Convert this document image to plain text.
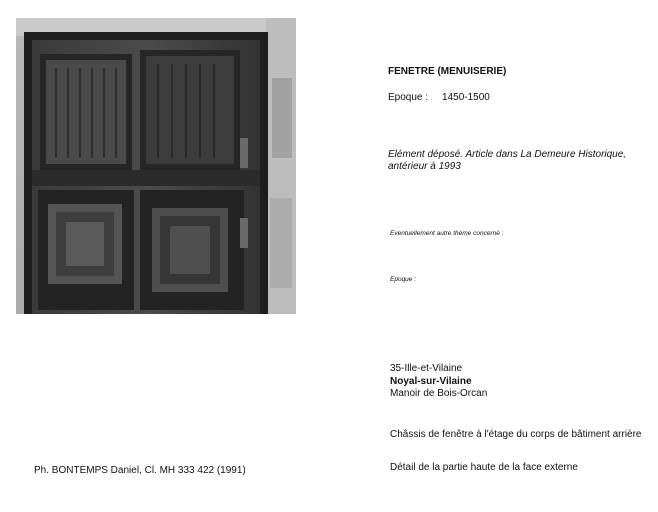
FENETRE (MENUISERIE)
Epoque : 1450-1500
Elément déposé. Article dans La Demeure Historique,
antérieur à 1993
Eventuellement autre thème concerné :
Epoque :
35-Ille-et-Vilaine
Noyal-sur-Vilaine
Manoir de Bois-Orcan
Châssis de fenêtre à l'étage du corps de bâtiment arrière
Détail de la partie haute de la face externe
Ph. BONTEMPS Daniel, Cl. MH 333 422 (1991)
